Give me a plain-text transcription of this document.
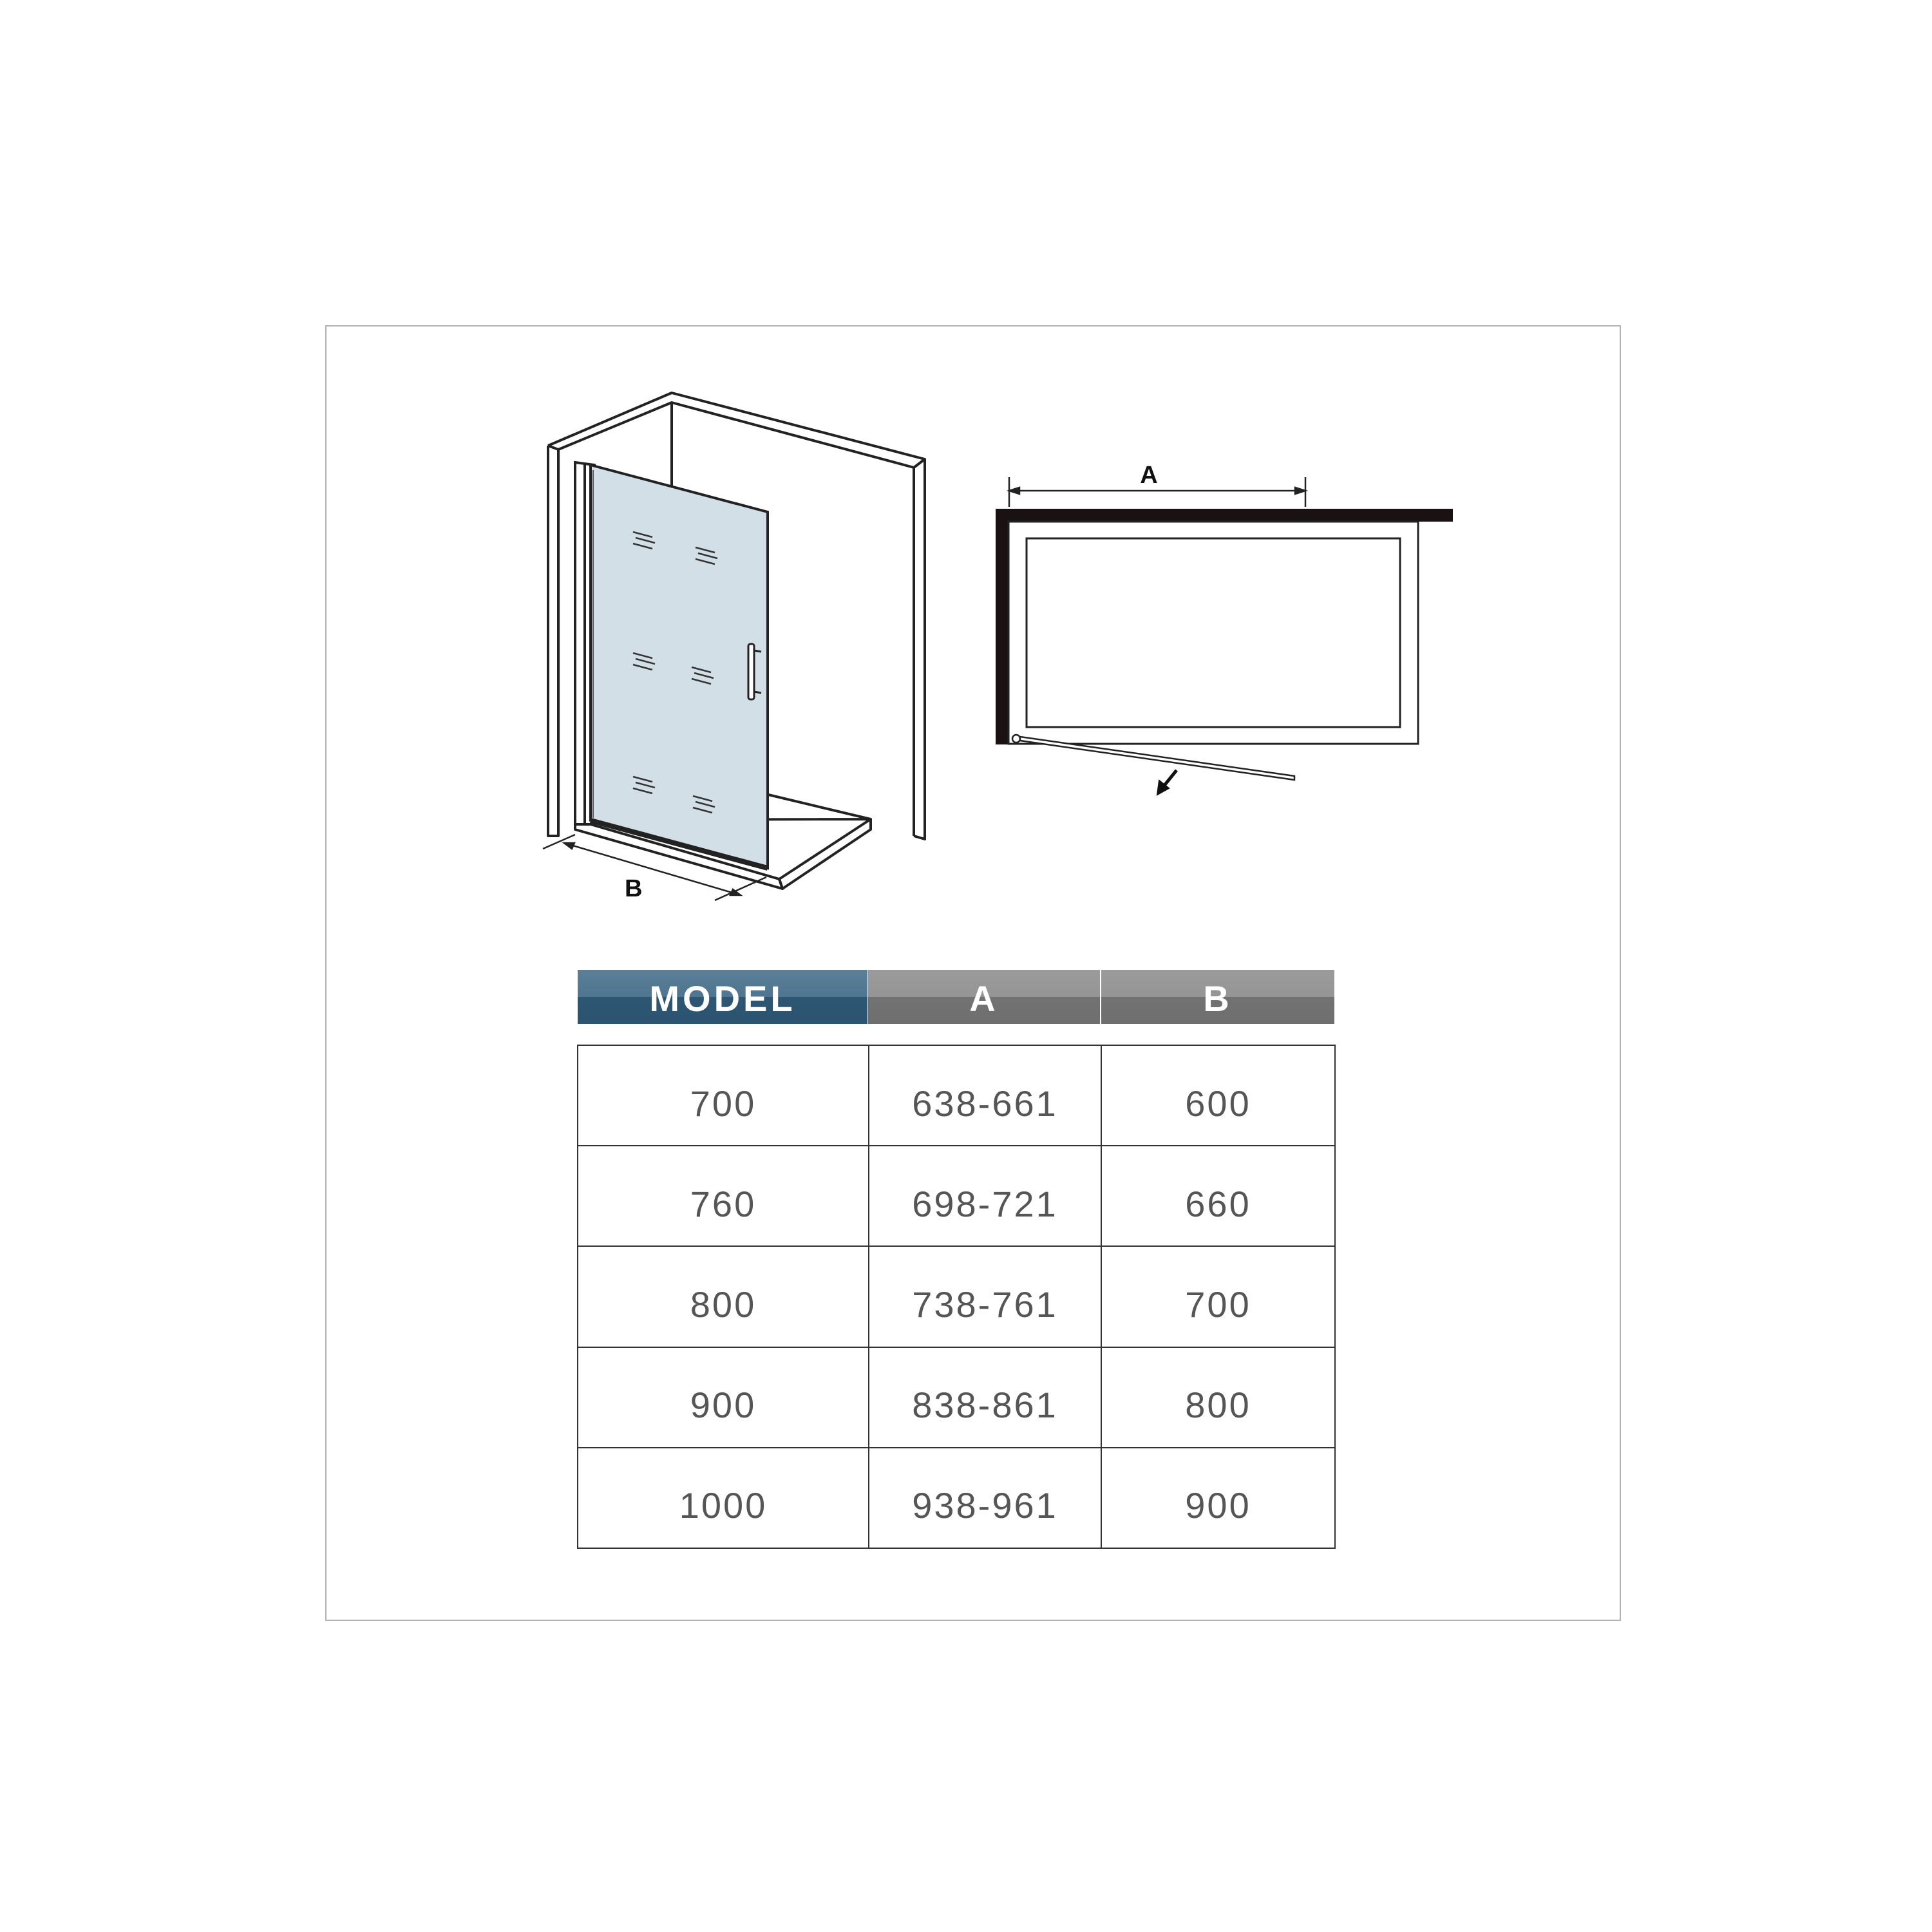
B
A
MODEL	A	B
700	638-661	600
760	698-721	660
800	738-761	700
900	838-861	800
1000	938-961	900
